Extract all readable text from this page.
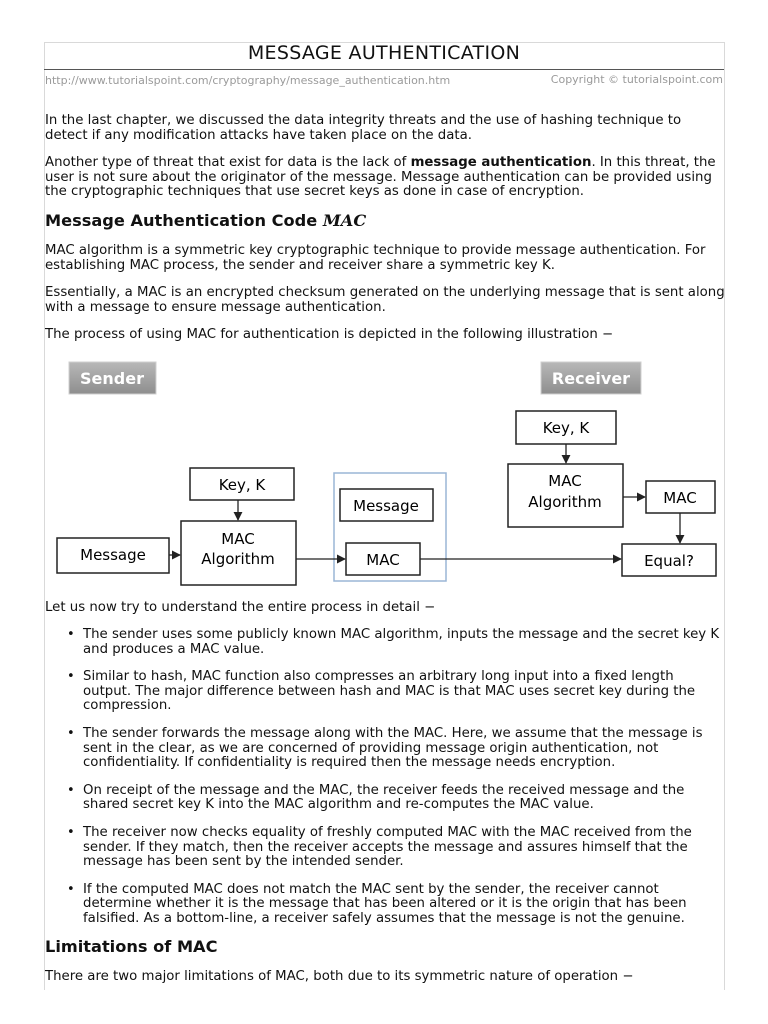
MESSAGE AUTHENTICATION
http://www.tutorialspoint.com/cryptography/message_authentication.htm	Copyright © tutorialspoint.com

In the last chapter, we discussed the data integrity threats and the use of hashing technique to detect if any modification attacks have taken place on the data.

Another type of threat that exist for data is the lack of message authentication. In this threat, the user is not sure about the originator of the message. Message authentication can be provided using the cryptographic techniques that use secret keys as done in case of encryption.

Message Authentication Code MAC

MAC algorithm is a symmetric key cryptographic technique to provide message authentication. For establishing MAC process, the sender and receiver share a symmetric key K.

Essentially, a MAC is an encrypted checksum generated on the underlying message that is sent along with a message to ensure message authentication.

The process of using MAC for authentication is depicted in the following illustration −

Sender	Receiver
Key, K
Message
MAC
Algorithm
Message
MAC
Key, K
MAC
Algorithm	MAC
Equal?

Let us now try to understand the entire process in detail −

• The sender uses some publicly known MAC algorithm, inputs the message and the secret key K and produces a MAC value.
• Similar to hash, MAC function also compresses an arbitrary long input into a fixed length output. The major difference between hash and MAC is that MAC uses secret key during the compression.
• The sender forwards the message along with the MAC. Here, we assume that the message is sent in the clear, as we are concerned of providing message origin authentication, not confidentiality. If confidentiality is required then the message needs encryption.
• On receipt of the message and the MAC, the receiver feeds the received message and the shared secret key K into the MAC algorithm and re-computes the MAC value.
• The receiver now checks equality of freshly computed MAC with the MAC received from the sender. If they match, then the receiver accepts the message and assures himself that the message has been sent by the intended sender.
• If the computed MAC does not match the MAC sent by the sender, the receiver cannot determine whether it is the message that has been altered or it is the origin that has been falsified. As a bottom-line, a receiver safely assumes that the message is not the genuine.
Limitations of MAC

There are two major limitations of MAC, both due to its symmetric nature of operation −
